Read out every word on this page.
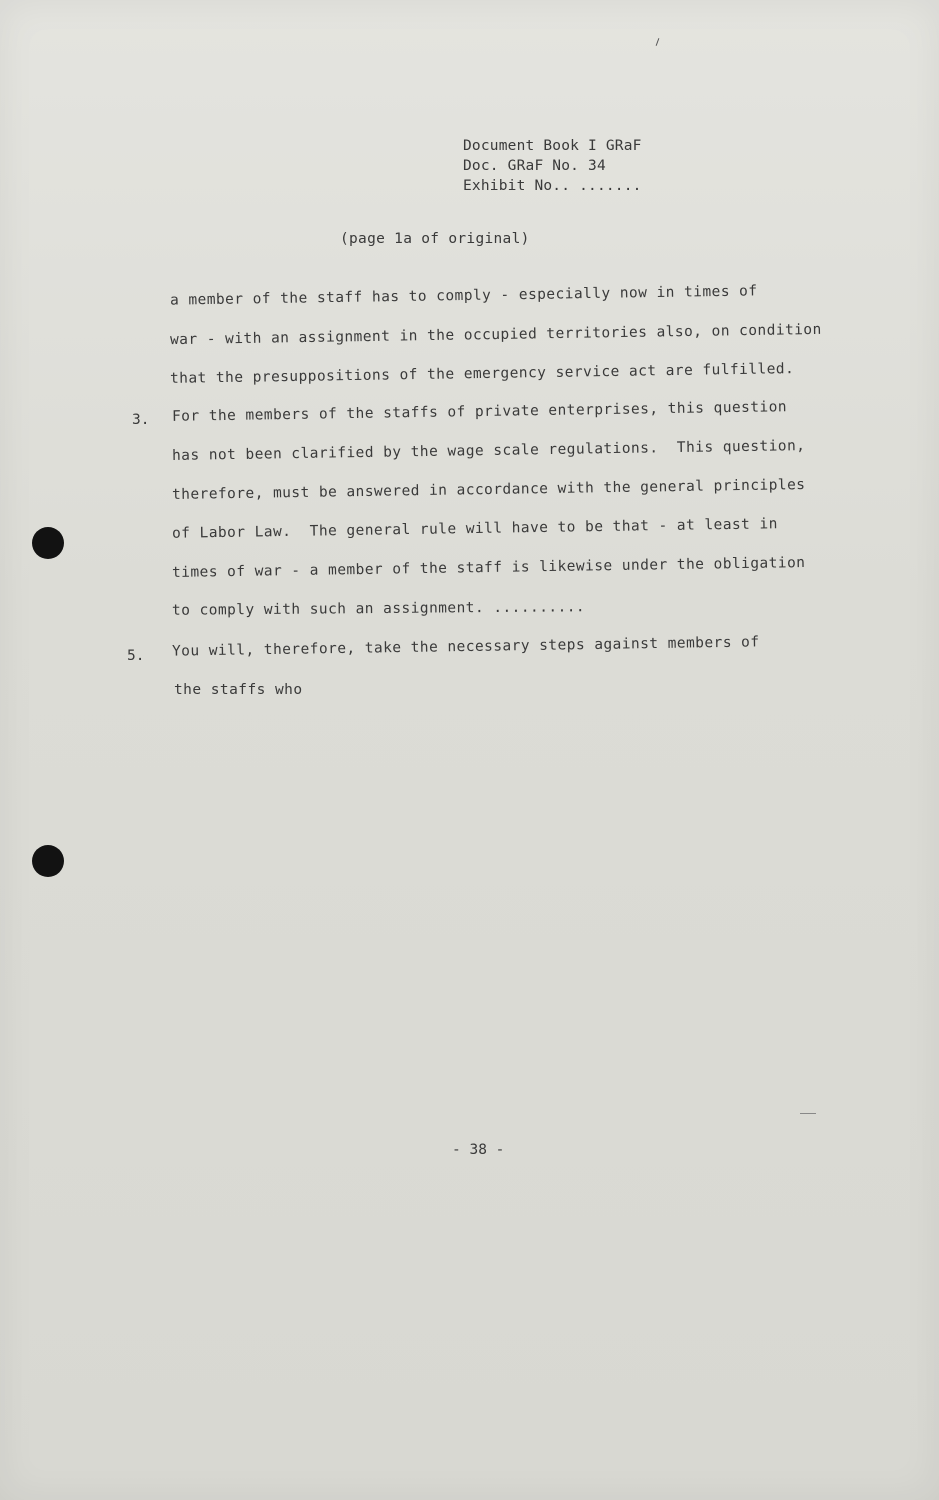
Document Book I GRaF
Doc. GRaF No. 34
Exhibit No.. .......
(page 1a of original)
a member of the staff has to comply - especially now in times of
war - with an assignment in the occupied territories also, on condition
that the presuppositions of the emergency service act are fulfilled.
3. For the members of the staffs of private enterprises, this question
has not been clarified by the wage scale regulations.  This question,
therefore, must be answered in accordance with the general principles
of Labor Law.  The general rule will have to be that - at least in
times of war - a member of the staff is likewise under the obligation
to comply with such an assignment. ..........
5. You will, therefore, take the necessary steps against members of
the staffs who
- 38 -
